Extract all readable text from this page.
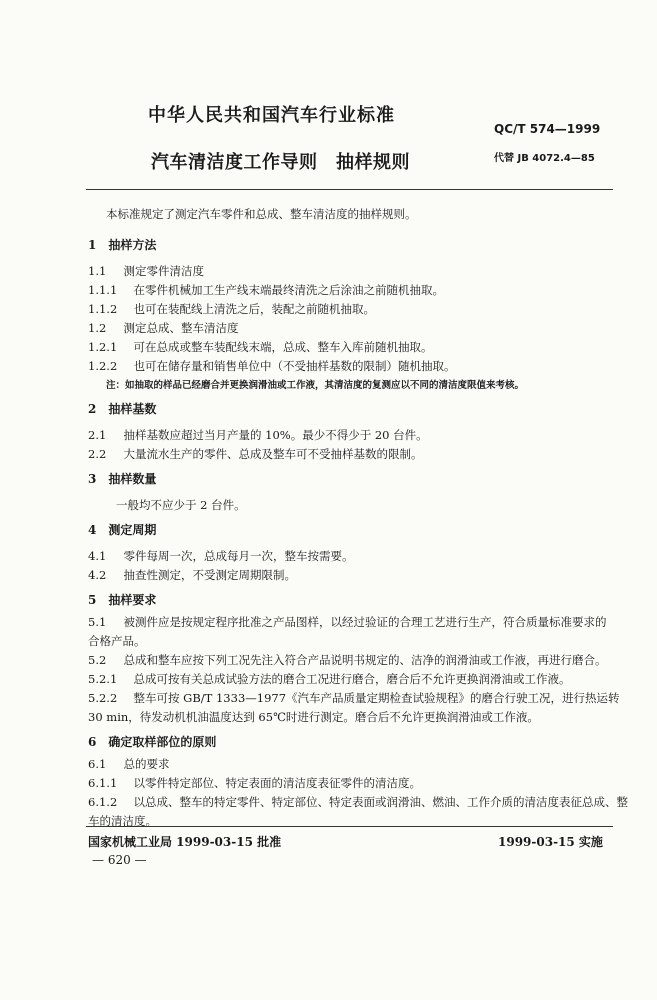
中华人民共和国汽车行业标准
QC/T 574—1999
汽车清洁度工作导则　抽样规则	代替 JB 4072.4—85
本标准规定了测定汽车零件和总成、整车清洁度的抽样规则。
1　抽样方法
1.1　 测定零件清洁度
1.1.1　 在零件机械加工生产线末端最终清洗之后涂油之前随机抽取。
1.1.2　 也可在装配线上清洗之后，装配之前随机抽取。
1.2　 测定总成、整车清洁度
1.2.1　 可在总成或整车装配线末端，总成、整车入库前随机抽取。
1.2.2　 也可在储存量和销售单位中（不受抽样基数的限制）随机抽取。
注：如抽取的样品已经磨合并更换润滑油或工作液，其清洁度的复测应以不同的清洁度限值来考核。
2　抽样基数
2.1　 抽样基数应超过当月产量的 10%。最少不得少于 20 台件。
2.2　 大量流水生产的零件、总成及整车可不受抽样基数的限制。
3　抽样数量
一般均不应少于 2 台件。
4　测定周期
4.1　 零件每周一次，总成每月一次，整车按需要。
4.2　 抽查性测定，不受测定周期限制。
5　抽样要求
5.1　 被测件应是按规定程序批准之产品图样，以经过验证的合理工艺进行生产，符合质量标准要求的
合格产品。
5.2　 总成和整车应按下列工况先注入符合产品说明书规定的、洁净的润滑油或工作液，再进行磨合。
5.2.1　 总成可按有关总成试验方法的磨合工况进行磨合，磨合后不允许更换润滑油或工作液。
5.2.2　 整车可按 GB/T 1333—1977《汽车产品质量定期检查试验规程》的磨合行驶工况，进行热运转
30 min，待发动机机油温度达到 65℃时进行测定。磨合后不允许更换润滑油或工作液。
6　确定取样部位的原则
6.1　 总的要求
6.1.1　 以零件特定部位、特定表面的清洁度表征零件的清洁度。
6.1.2　 以总成、整车的特定零件、特定部位、特定表面或润滑油、燃油、工作介质的清洁度表征总成、整
车的清洁度。
国家机械工业局 1999-03-15 批准	1999-03-15 实施
— 620 —
